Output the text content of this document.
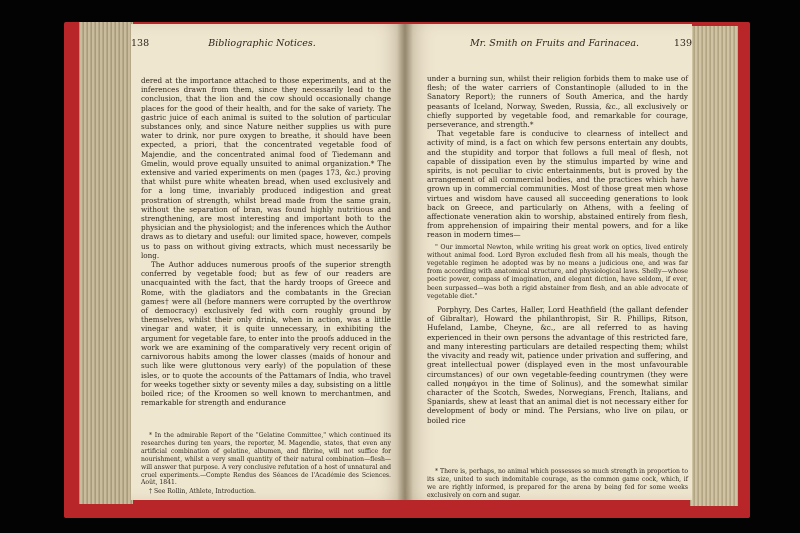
138	Bibliographic Notices.

dered at the importance attached to those experiments, and at the inferences drawn from them, since they necessarily lead to the conclusion, that the lion and the cow should occasionally change places for the good of their health, and for the sake of variety. The gastric juice of each animal is suited to the solution of particular substances only, and since Nature neither supplies us with pure water to drink, nor pure oxygen to breathe, it should have been expected, a priori, that the concentrated vegetable food of Majendie, and the concentrated animal food of Tiedemann and Gmelin, would prove equally unsuited to animal organization.* The extensive and varied experiments on men (pages 173, &c.) proving that whilst pure white wheaten bread, when used exclusively and for a long time, invariably produced indigestion and great prostration of strength, whilst bread made from the same grain, without the separation of bran, was found highly nutritious and strengthening, are most interesting and important both to the physician and the physiologist; and the inferences which the Author draws as to dietary and useful: our limited space, however, compels us to pass on without giving extracts, which must necessarily be long.

The Author adduces numerous proofs of the superior strength conferred by vegetable food; but as few of our readers are unacquainted with the fact, that the hardy troops of Greece and Rome, with the gladiators and the combatants in the Grecian games† were all (before manners were corrupted by the overthrow of democracy) exclusively fed with corn roughly ground by themselves, whilst their only drink, when in action, was a little vinegar and water, it is quite unnecessary, in exhibiting the argument for vegetable fare, to enter into the proofs adduced in the work we are examining of the comparatively very recent origin of carnivorous habits among the lower classes (maids of honour and such like were gluttonous very early) of the population of these isles, or to quote the accounts of the Pattamars of India, who travel for weeks together sixty or seventy miles a day, subsisting on a little boiled rice; of the Kroomen so well known to merchantmen, and remarkable for strength and endurance

* In the admirable Report of the "Gelatine Committee," which continued its researches during ten years, the reporter, M. Magendie, states, that even any artificial combination of gelatine, albumen, and fibrine, will not suffice for nourishment, whilst a very small quantity of their natural combination—flesh—will answer that purpose. A very conclusive refutation of a host of unnatural and cruel experiments.—Compte Rendus des Séances de l'Académie des Sciences. Août, 1841.

† See Rollin, Athlete, Introduction.

Mr. Smith on Fruits and Farinacea.	139

under a burning sun, whilst their religion forbids them to make use of flesh; of the water carriers of Constantinople (alluded to in the Sanatory Report); the runners of South America, and the hardy peasants of Iceland, Norway, Sweden, Russia, &c., all exclusively or chiefly supported by vegetable food, and remarkable for courage, perseverance, and strength.*

That vegetable fare is conducive to clearness of intellect and activity of mind, is a fact on which few persons entertain any doubts, and the stupidity and torpor that follows a full meal of flesh, not capable of dissipation even by the stimulus imparted by wine and spirits, is not peculiar to civic entertainments, but is proved by the arrangement of all commercial bodies, and the practices which have grown up in commercial communities. Most of those great men whose virtues and wisdom have caused all succeeding generations to look back on Greece, and particularly on Athens, with a feeling of affectionate veneration akin to worship, abstained entirely from flesh, from apprehension of impairing their mental powers, and for a like reason in modern times—

" Our immortal Newton, while writing his great work on optics, lived entirely without animal food. Lord Byron excluded flesh from all his meals, though the vegetable regimen he adopted was by no means a judicious one, and was far from according with anatomical structure, and physiological laws. Shelly—whose poetic power, compass of imagination, and elegant diction, have seldom, if ever, been surpassed—was both a rigid abstainer from flesh, and an able advocate of vegetable diet."

Porphyry, Des Cartes, Haller, Lord Heathfield (the gallant defender of Gibraltar), Howard the philanthropist, Sir R. Phillips, Ritson, Hufeland, Lambe, Cheyne, &c., are all referred to as having experienced in their own persons the advantage of this restricted fare, and many interesting particulars are detailed respecting them; whilst the vivacity and ready wit, patience under privation and suffering, and great intellectual power (displayed even in the most unfavourable circumstances) of our own vegetable-feeding countrymen (they were called ποηφάγοι in the time of Solinus), and the somewhat similar character of the Scotch, Swedes, Norwegians, French, Italians, and Spaniards, shew at least that an animal diet is not necessary either for development of body or mind. The Persians, who live on pilau, or boiled rice

* There is, perhaps, no animal which possesses so much strength in proportion to its size, united to such indomitable courage, as the common game cock, which, if we are rightly informed, is prepared for the arena by being fed for some weeks exclusively on corn and sugar.
